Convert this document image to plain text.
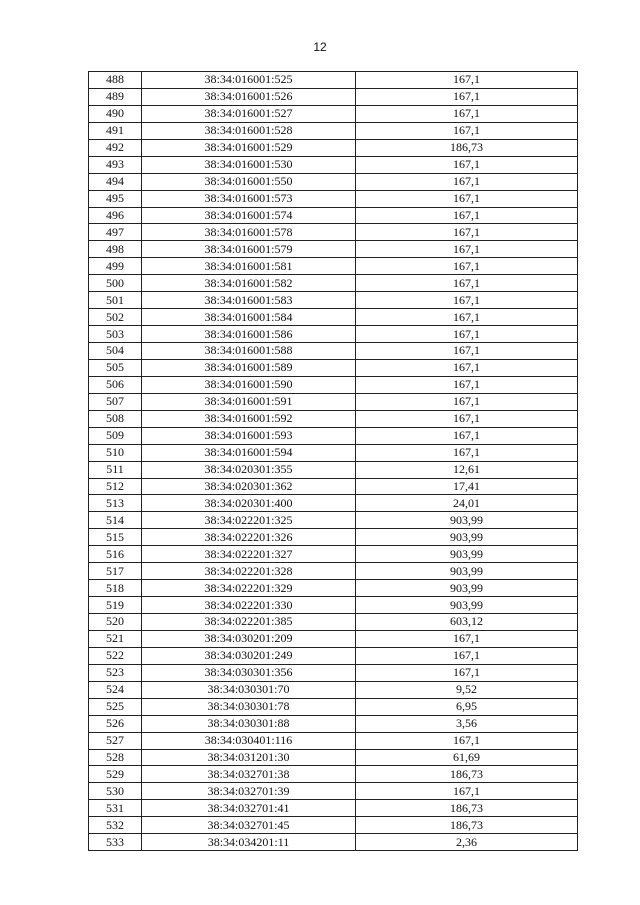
12
488	38:34:016001:525	167,1
489	38:34:016001:526	167,1
490	38:34:016001:527	167,1
491	38:34:016001:528	167,1
492	38:34:016001:529	186,73
493	38:34:016001:530	167,1
494	38:34:016001:550	167,1
495	38:34:016001:573	167,1
496	38:34:016001:574	167,1
497	38:34:016001:578	167,1
498	38:34:016001:579	167,1
499	38:34:016001:581	167,1
500	38:34:016001:582	167,1
501	38:34:016001:583	167,1
502	38:34:016001:584	167,1
503	38:34:016001:586	167,1
504	38:34:016001:588	167,1
505	38:34:016001:589	167,1
506	38:34:016001:590	167,1
507	38:34:016001:591	167,1
508	38:34:016001:592	167,1
509	38:34:016001:593	167,1
510	38:34:016001:594	167,1
511	38:34:020301:355	12,61
512	38:34:020301:362	17,41
513	38:34:020301:400	24,01
514	38:34:022201:325	903,99
515	38:34:022201:326	903,99
516	38:34:022201:327	903,99
517	38:34:022201:328	903,99
518	38:34:022201:329	903,99
519	38:34:022201:330	903,99
520	38:34:022201:385	603,12
521	38:34:030201:209	167,1
522	38:34:030201:249	167,1
523	38:34:030301:356	167,1
524	38:34:030301:70	9,52
525	38:34:030301:78	6,95
526	38:34:030301:88	3,56
527	38:34:030401:116	167,1
528	38:34:031201:30	61,69
529	38:34:032701:38	186,73
530	38:34:032701:39	167,1
531	38:34:032701:41	186,73
532	38:34:032701:45	186,73
533	38:34:034201:11	2,36
